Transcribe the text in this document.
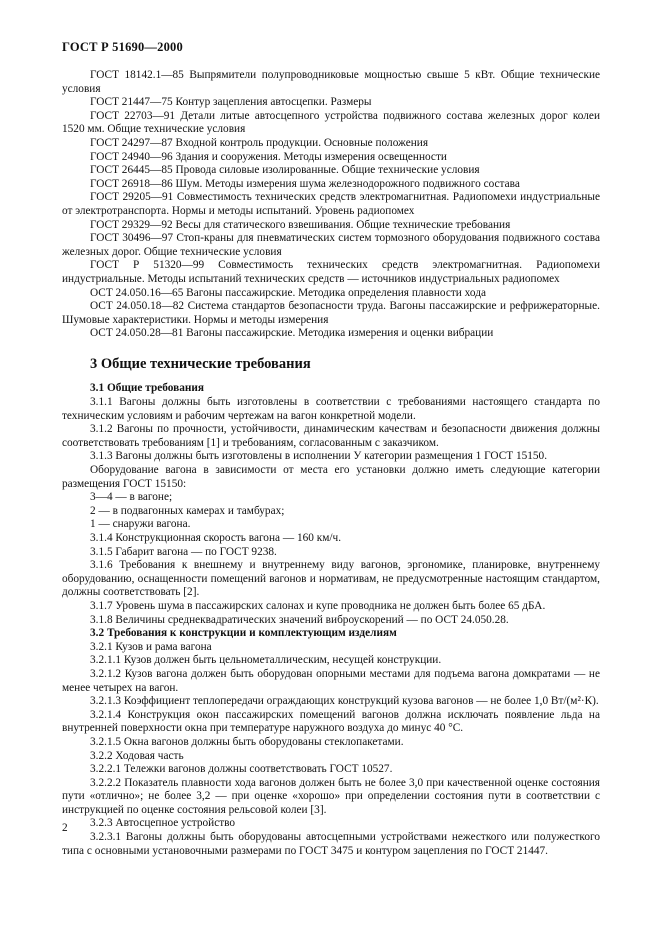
ГОСТ Р 51690—2000

ГОСТ 18142.1—85 Выпрямители полупроводниковые мощностью свыше 5 кВт. Общие технические условия

ГОСТ 21447—75 Контур зацепления автосцепки. Размеры

ГОСТ 22703—91 Детали литые автосцепного устройства подвижного состава железных дорог колеи 1520 мм. Общие технические условия

ГОСТ 24297—87 Входной контроль продукции. Основные положения

ГОСТ 24940—96 Здания и сооружения. Методы измерения освещенности

ГОСТ 26445—85 Провода силовые изолированные. Общие технические условия

ГОСТ 26918—86 Шум. Методы измерения шума железнодорожного подвижного состава

ГОСТ 29205—91 Совместимость технических средств электромагнитная. Радиопомехи индустриальные от электротранспорта. Нормы и методы испытаний. Уровень радиопомех

ГОСТ 29329—92 Весы для статического взвешивания. Общие технические требования

ГОСТ 30496—97 Стоп-краны для пневматических систем тормозного оборудования подвижного состава железных дорог. Общие технические условия

ГОСТ Р 51320—99 Совместимость технических средств электромагнитная. Радиопомехи индустриальные. Методы испытаний технических средств — источников индустриальных радиопомех

ОСТ 24.050.16—65 Вагоны пассажирские. Методика определения плавности хода

ОСТ 24.050.18—82 Система стандартов безопасности труда. Вагоны пассажирские и рефрижераторные. Шумовые характеристики. Нормы и методы измерения

ОСТ 24.050.28—81 Вагоны пассажирские. Методика измерения и оценки вибрации

3 Общие технические требования
3.1 Общие требования

3.1.1 Вагоны должны быть изготовлены в соответствии с требованиями настоящего стандарта по техническим условиям и рабочим чертежам на вагон конкретной модели.

3.1.2 Вагоны по прочности, устойчивости, динамическим качествам и безопасности движения должны соответствовать требованиям [1] и требованиям, согласованным с заказчиком.

3.1.3 Вагоны должны быть изготовлены в исполнении У категории размещения 1 ГОСТ 15150.

Оборудование вагона в зависимости от места его установки должно иметь следующие категории размещения ГОСТ 15150:

3—4 — в вагоне;

2 — в подвагонных камерах и тамбурах;

1 — снаружи вагона.

3.1.4 Конструкционная скорость вагона — 160 км/ч.

3.1.5 Габарит вагона — по ГОСТ 9238.

3.1.6 Требования к внешнему и внутреннему виду вагонов, эргономике, планировке, внутреннему оборудованию, оснащенности помещений вагонов и нормативам, не предусмотренные настоящим стандартом, должны соответствовать [2].

3.1.7 Уровень шума в пассажирских салонах и купе проводника не должен быть более 65 дБА.

3.1.8 Величины среднеквадратических значений виброускорений — по ОСТ 24.050.28.

3.2 Требования к конструкции и комплектующим изделиям

3.2.1 Кузов и рама вагона

3.2.1.1 Кузов должен быть цельнометаллическим, несущей конструкции.

3.2.1.2 Кузов вагона должен быть оборудован опорными местами для подъема вагона домкратами — не менее четырех на вагон.

3.2.1.3 Коэффициент теплопередачи ограждающих конструкций кузова вагонов — не более 1,0 Вт/(м²·К).

3.2.1.4 Конструкция окон пассажирских помещений вагонов должна исключать появление льда на внутренней поверхности окна при температуре наружного воздуха до минус 40 °С.

3.2.1.5 Окна вагонов должны быть оборудованы стеклопакетами.

3.2.2 Ходовая часть

3.2.2.1 Тележки вагонов должны соответствовать ГОСТ 10527.

3.2.2.2 Показатель плавности хода вагонов должен быть не более 3,0 при качественной оценке состояния пути «отлично»; не более 3,2 — при оценке «хорошо» при определении состояния пути в соответствии с инструкцией по оценке состояния рельсовой колеи [3].

3.2.3 Автосцепное устройство

3.2.3.1 Вагоны должны быть оборудованы автосцепными устройствами нежесткого или полужесткого типа с основными установочными размерами по ГОСТ 3475 и контуром зацепления по ГОСТ 21447.

2
